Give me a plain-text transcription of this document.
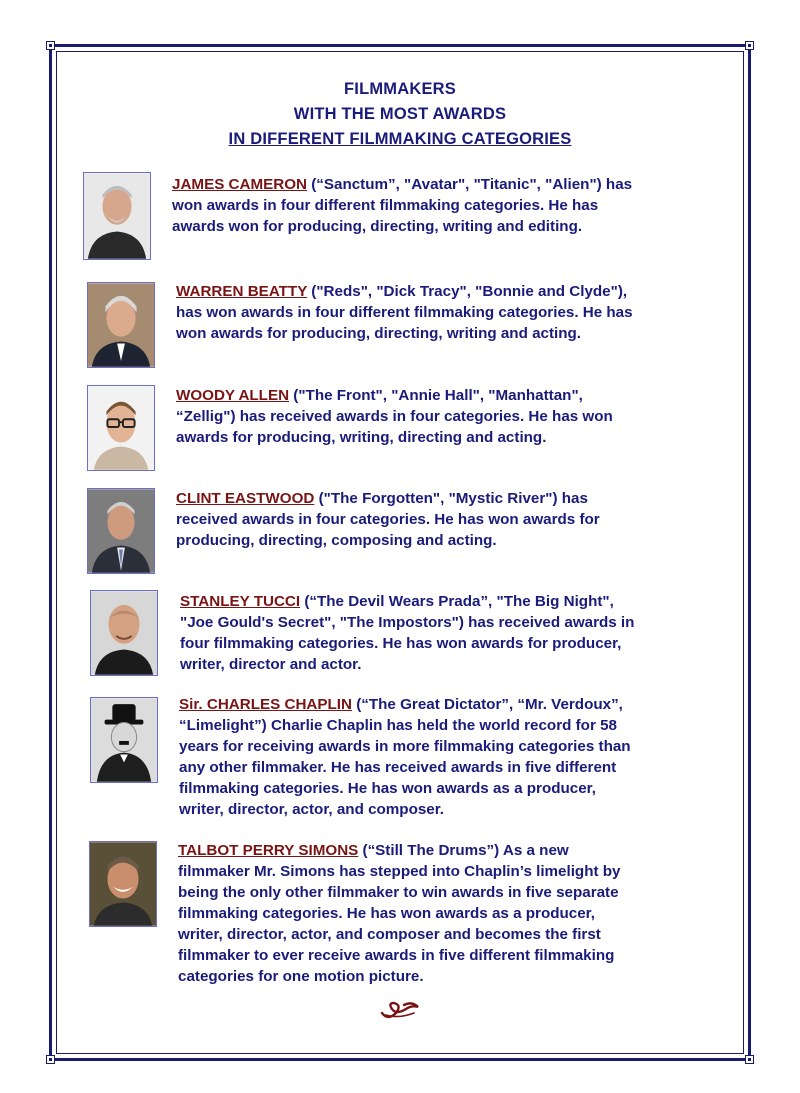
FILMMAKERS
WITH THE MOST AWARDS
IN DIFFERENT FILMMAKING CATEGORIES
JAMES CAMERON (“Sanctum”, "Avatar", "Titanic", "Alien") has
won awards in four different filmmaking categories. He has
awards won for producing, directing, writing and editing.
WARREN BEATTY ("Reds", "Dick Tracy", "Bonnie and Clyde"),
has won awards in four different filmmaking categories. He has
won awards for producing, directing, writing and acting.
WOODY ALLEN ("The Front", "Annie Hall", "Manhattan",
“Zellig") has received awards in four categories. He has won
awards for producing, writing, directing and acting.
CLINT EASTWOOD ("The Forgotten", "Mystic River") has
received awards in four categories. He has won awards for
producing, directing, composing and acting.
STANLEY TUCCI (“The Devil Wears Prada”, "The Big Night",
"Joe Gould's Secret", "The Impostors") has received awards in
four filmmaking categories. He has won awards for producer,
writer, director and actor.
Sir. CHARLES CHAPLIN (“The Great Dictator”, “Mr. Verdoux”,
“Limelight”) Charlie Chaplin has held the world record for 58
years for receiving awards in more filmmaking categories than
any other filmmaker. He has received awards in five different
filmmaking categories. He has won awards as a producer,
writer, director, actor, and composer.
TALBOT PERRY SIMONS (“Still The Drums”) As a new
filmmaker Mr. Simons has stepped into Chaplin’s limelight by
being the only other filmmaker to win awards in five separate
filmmaking categories. He has won awards as a producer,
writer, director, actor, and composer and becomes the first
filmmaker to ever receive awards in five different filmmaking
categories for one motion picture.
